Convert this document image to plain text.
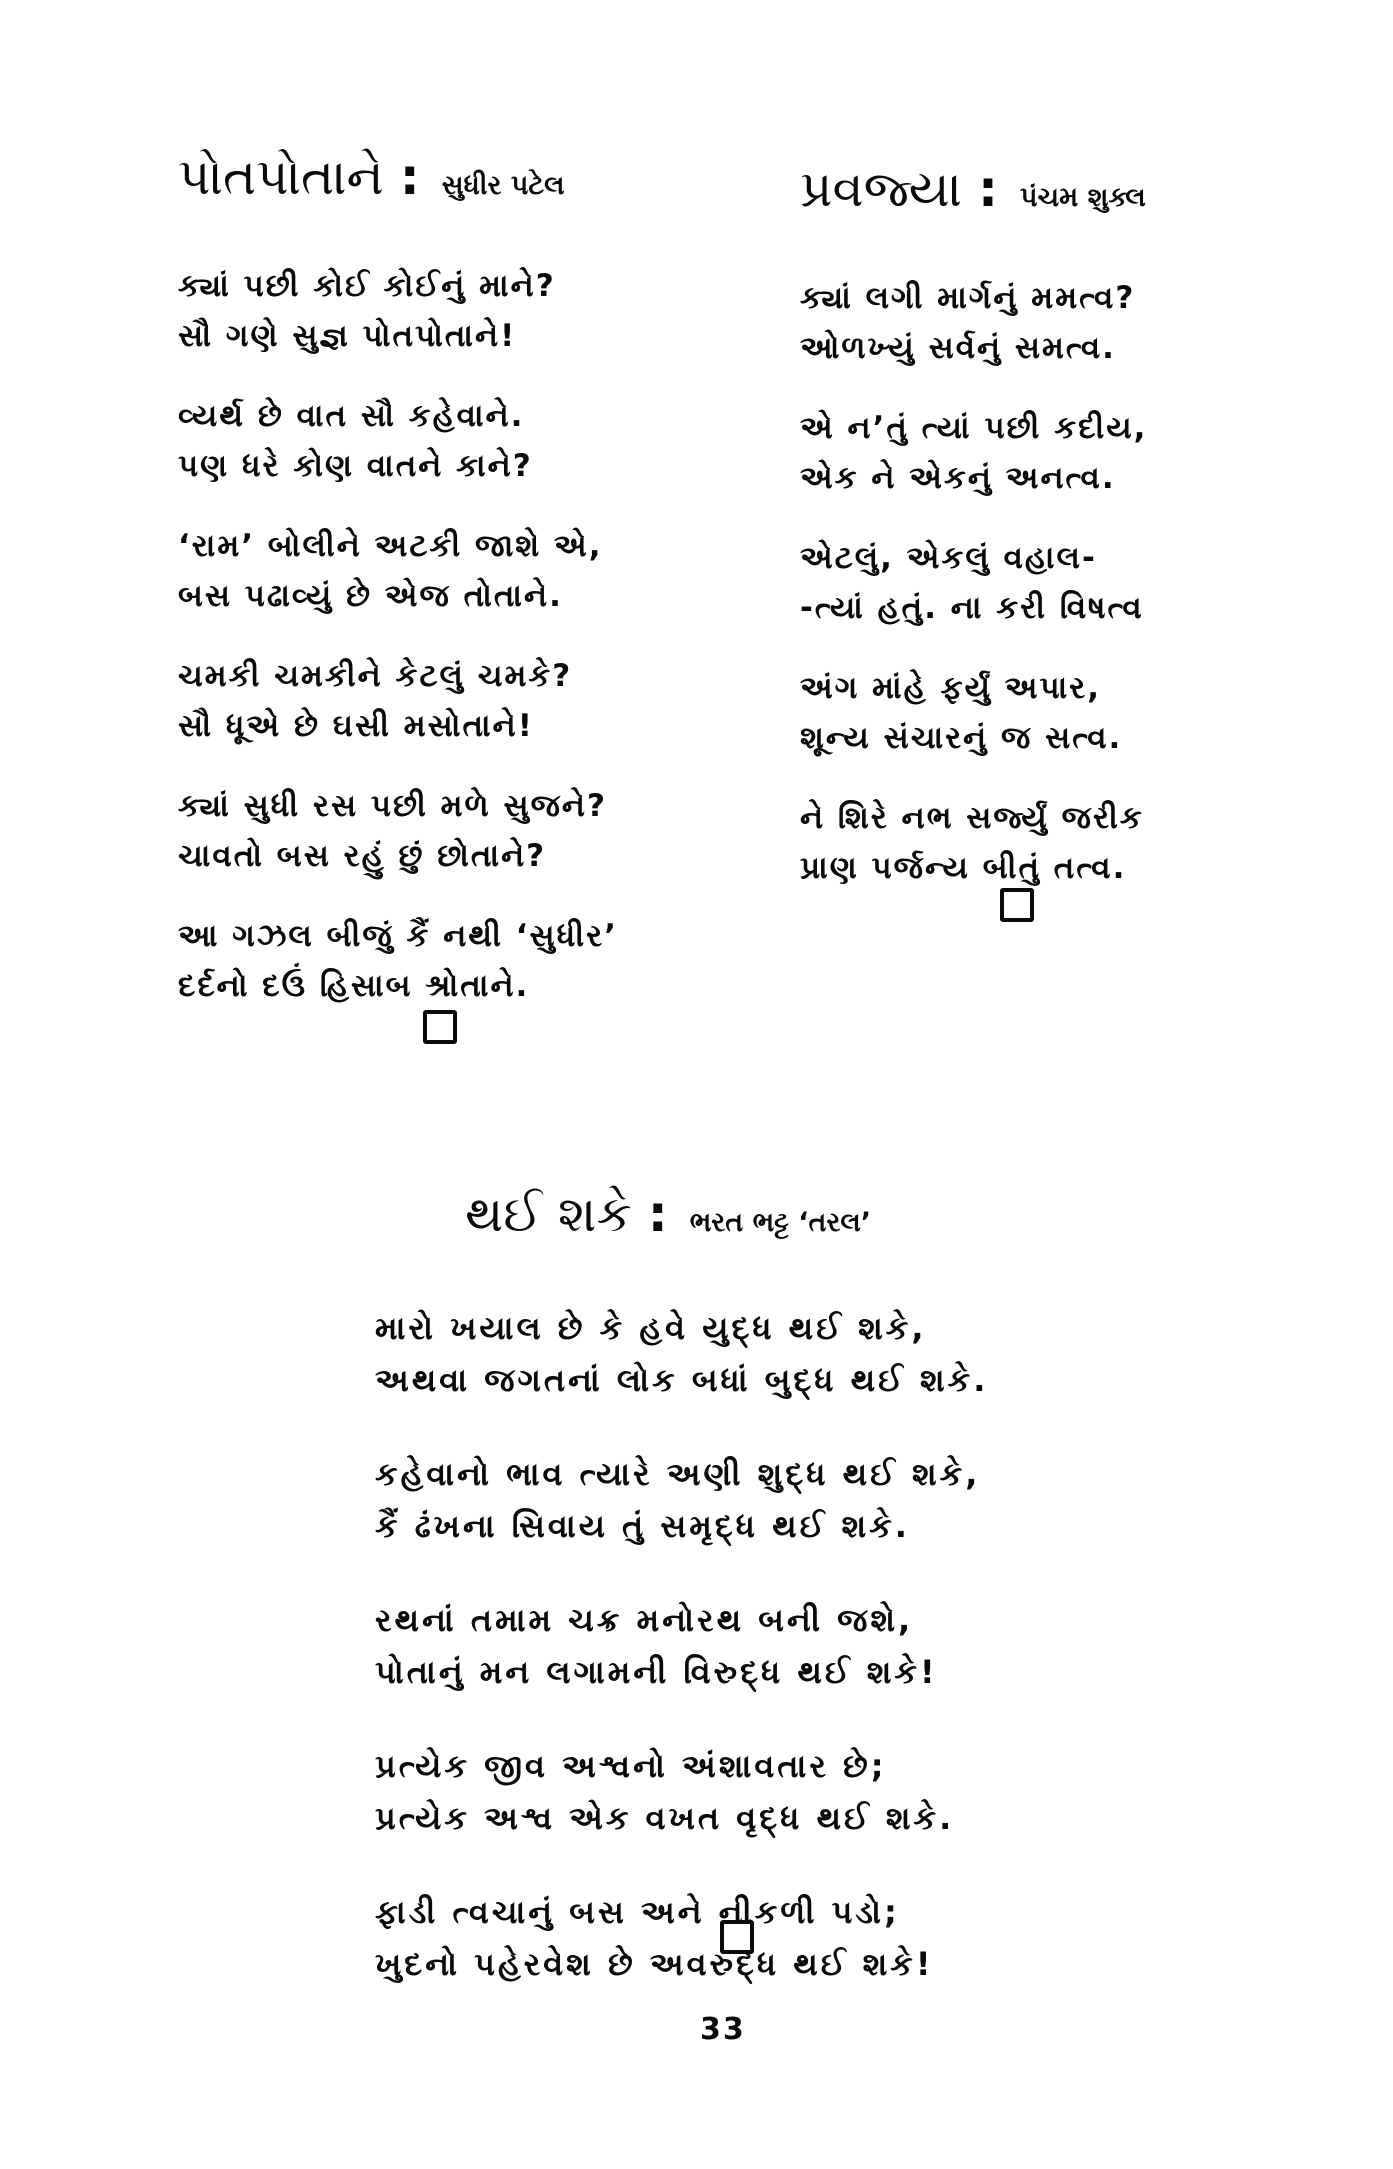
પોતપોતાને : સુધીર પટેલ
ક્યાં પછી કોઈ કોઈનું માને?
સૌ ગણે સુજ્ઞ પોતપોતાને!
વ્યર્થ છે વાત સૌ કહેવાને.
પણ ધરે કોણ વાતને કાને?
‘રામ’ બોલીને અટકી જાશે એ,
બસ પઢાવ્યું છે એજ તોતાને.
ચમકી ચમકીને કેટલું ચમકે?
સૌ ધૂએ છે ઘસી મસોતાને!
ક્યાં સુધી રસ પછી મળે સુજને?
ચાવતો બસ રહું છું છોતાને?
આ ગઝલ બીજું કૈં નથી ‘સુધીર’
દર્દનો દઉં હિસાબ શ્રોતાને.
પ્રવજ્યા : પંચમ શુક્લ
ક્યાં લગી માર્ગનું મમત્વ?
ઓળખ્યું સર્વનું સમત્વ.
એ ન’તું ત્યાં પછી કદીય,
એક ને એકનું અનત્વ.
એટલું, એકલું વહાલ-
-ત્યાં હતું. ના કરી વિષત્વ
અંગ માંહે ફર્યું અપાર,
શૂન્ય સંચારનું જ સત્વ.
ને શિરે નભ સર્જ્યું જરીક
પ્રાણ પર્જન્ય બીતું તત્વ.
થઈ શકે : ભરત ભટ્ટ ‘તરલ’
મારો ખયાલ છે કે હવે યુદ્ધ થઈ શકે,
અથવા જગતનાં લોક બધાં બુદ્ધ થઈ શકે.
કહેવાનો ભાવ ત્યારે અણી શુદ્ધ થઈ શકે,
કૈં ઢંખના સિવાય તું સમૃદ્ધ થઈ શકે.
રથનાં તમામ ચક્ર મનોરથ બની જશે,
પોતાનું મન લગામની વિરુદ્ધ થઈ શકે!
પ્રત્યેક જીવ અશ્વનો અંશાવતાર છે;
પ્રત્યેક અશ્વ એક વખત વૃદ્ધ થઈ શકે.
ફાડી ત્વચાનું બસ અને નીકળી પડો;
ખુદનો પહેરવેશ છે અવરુદ્ધ થઈ શકે!
33
